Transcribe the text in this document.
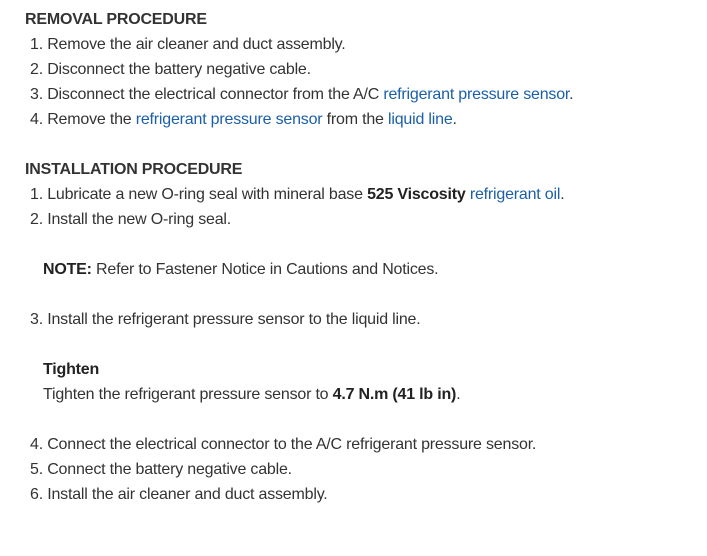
REMOVAL PROCEDURE
1. Remove the air cleaner and duct assembly.
2. Disconnect the battery negative cable.
3. Disconnect the electrical connector from the A/C refrigerant pressure sensor.
4. Remove the refrigerant pressure sensor from the liquid line.
INSTALLATION PROCEDURE
1. Lubricate a new O-ring seal with mineral base 525 Viscosity refrigerant oil.
2. Install the new O-ring seal.
NOTE: Refer to Fastener Notice in Cautions and Notices.
3. Install the refrigerant pressure sensor to the liquid line.
Tighten
Tighten the refrigerant pressure sensor to 4.7 N.m (41 lb in).
4. Connect the electrical connector to the A/C refrigerant pressure sensor.
5. Connect the battery negative cable.
6. Install the air cleaner and duct assembly.
